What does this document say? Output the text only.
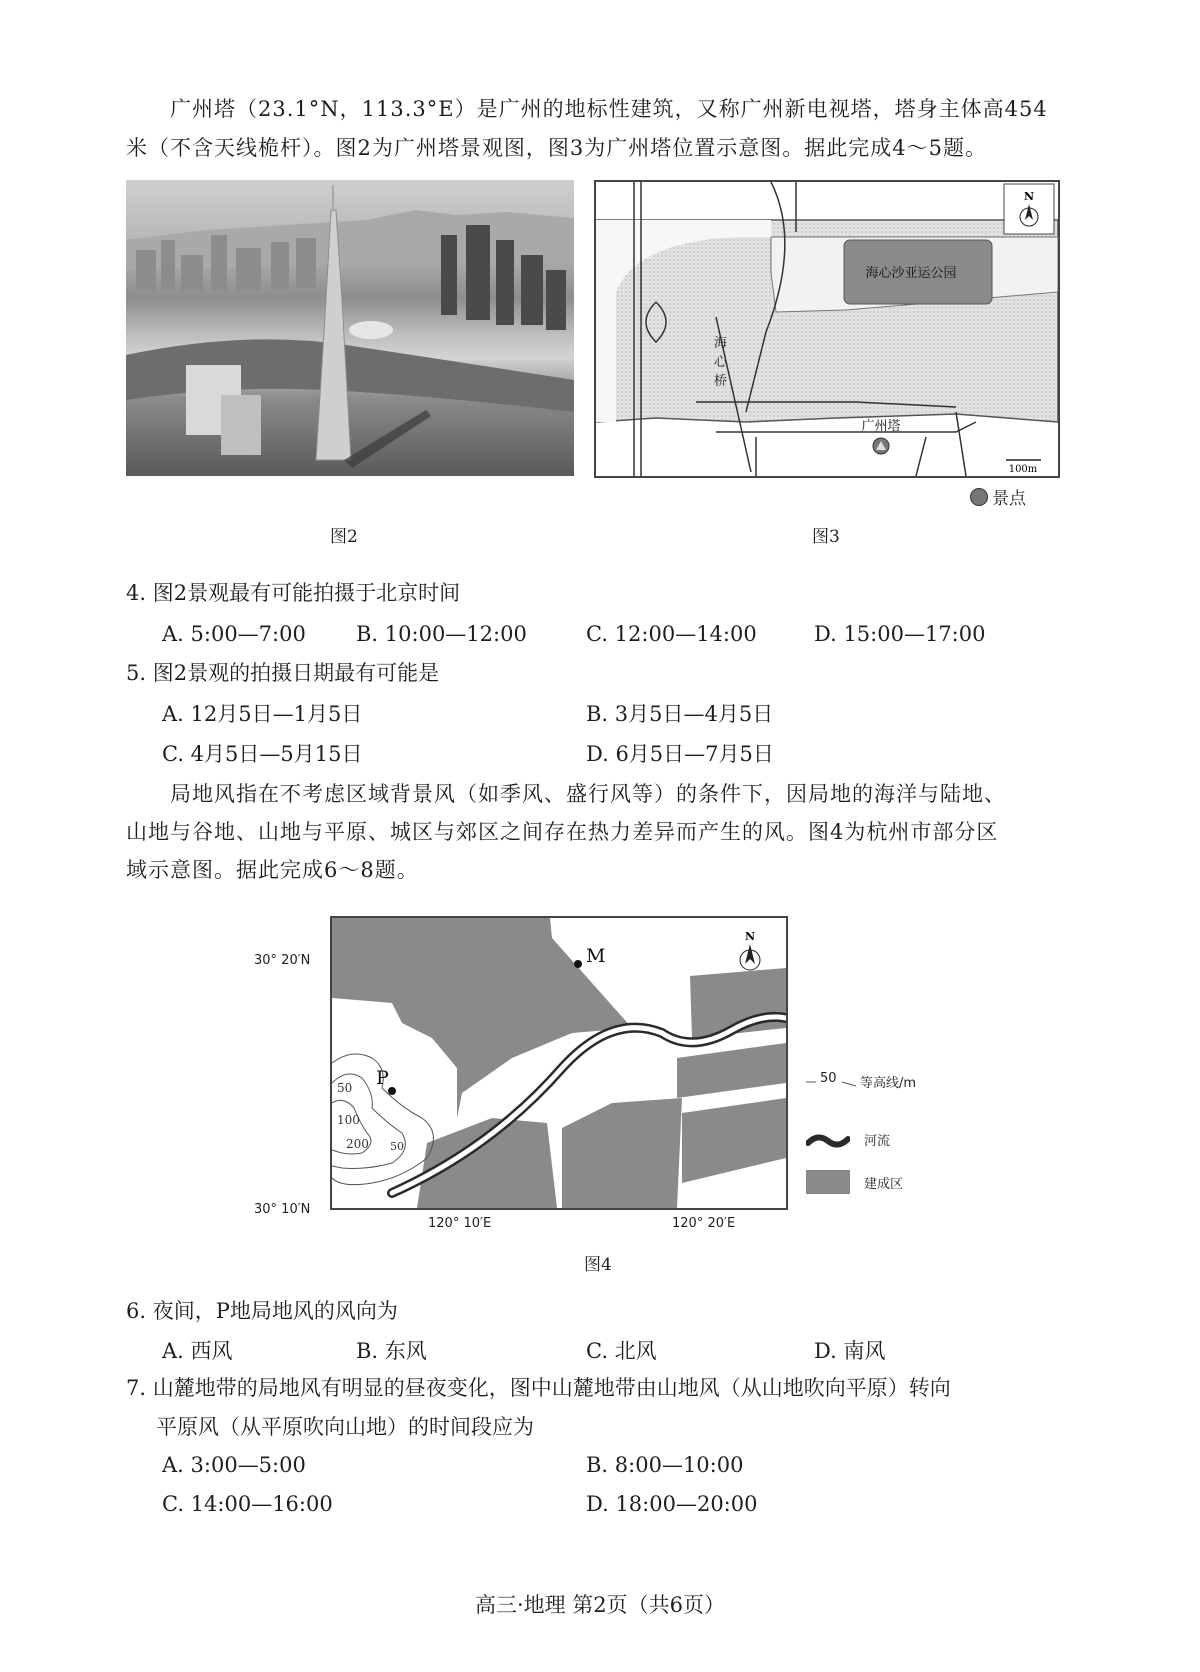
广州塔（23.1°N，113.3°E）是广州的地标性建筑，又称广州新电视塔，塔身主体高454
米（不含天线桅杆）。图2为广州塔景观图，图3为广州塔位置示意图。据此完成4～5题。
图2
海
心
桥
海心沙亚运公园
广州塔
N
100m
景点
图3
4. 图2景观最有可能拍摄于北京时间
A. 5:00—7:00 B. 10:00—12:00	C. 12:00—14:00	D. 15:00—17:00
5. 图2景观的拍摄日期最有可能是
A. 12月5日—1月5日	B. 3月5日—4月5日
C. 4月5日—5月15日	D. 6月5日—7月5日
局地风指在不考虑区域背景风（如季风、盛行风等）的条件下，因局地的海洋与陆地、
山地与谷地、山地与平原、城区与郊区之间存在热力差异而产生的风。图4为杭州市部分区
域示意图。据此完成6～8题。
30° 20′N
30° 10′N
120° 10′E	120° 20′E
50
100
200 50
M
P
N
50 等高线/m
河流
建成区
图4
6. 夜间，P地局地风的风向为
A. 西风	B. 东风	C. 北风	D. 南风
7. 山麓地带的局地风有明显的昼夜变化，图中山麓地带由山地风（从山地吹向平原）转向
平原风（从平原吹向山地）的时间段应为
A. 3:00—5:00	B. 8:00—10:00
C. 14:00—16:00	D. 18:00—20:00
高三·地理 第2页（共6页）
